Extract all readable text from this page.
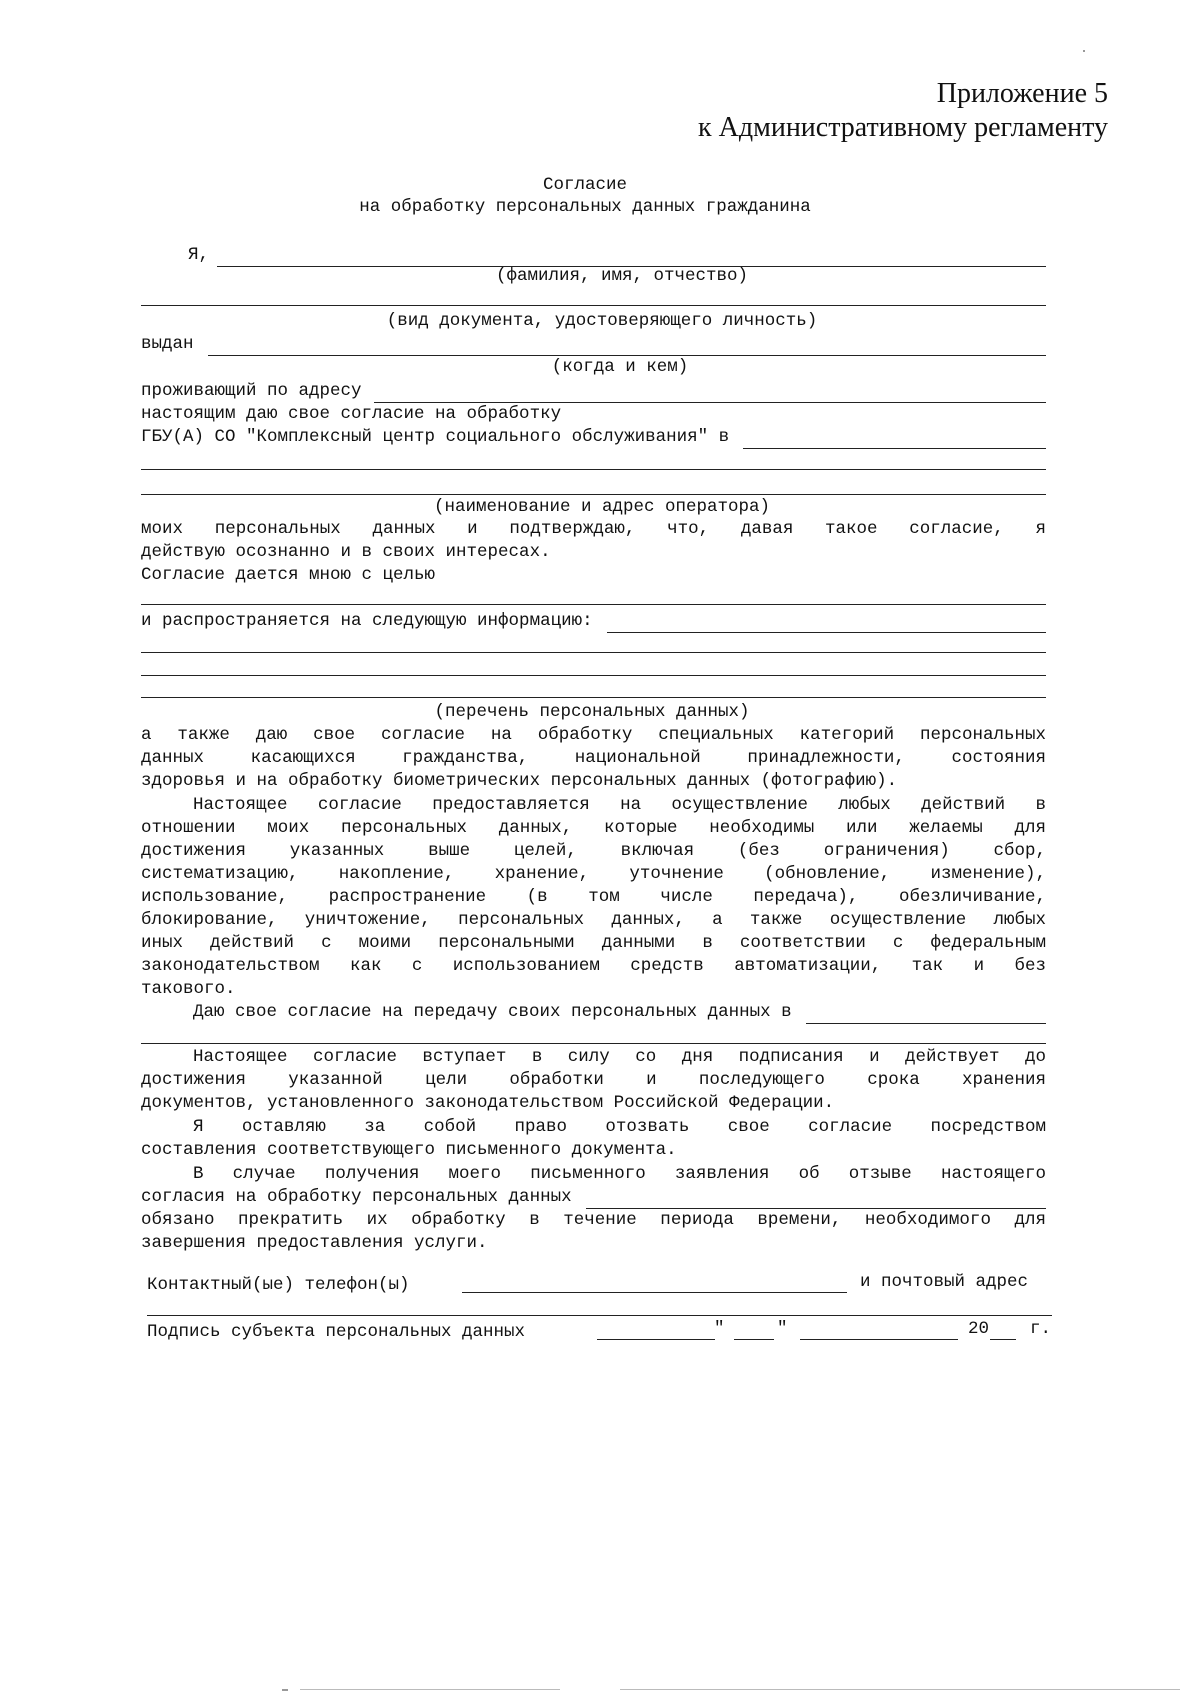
Приложение 5
к Административному регламенту
Согласие
на обработку персональных данных гражданина
Я,
(фамилия, имя, отчество)
(вид документа, удостоверяющего личность)
выдан
(когда и кем)
проживающий по адресу
настоящим даю свое согласие на обработку
ГБУ(А) СО "Комплексный центр социального обслуживания" в
(наименование и адрес оператора)
моих персональных данных и подтверждаю, что, давая такое согласие, я
действую осознанно и в своих интересах.
Согласие дается мною с целью
и распространяется на следующую информацию:
(перечень персональных данных)
а также даю свое согласие на обработку специальных категорий персональных
данных касающихся гражданства, национальной принадлежности, состояния
здоровья и на обработку биометрических персональных данных (фотографию).
Настоящее согласие предоставляется на осуществление любых действий в
отношении моих персональных данных, которые необходимы или желаемы для
достижения указанных выше целей, включая (без ограничения) сбор,
систематизацию, накопление, хранение, уточнение (обновление, изменение),
использование, распространение (в том числе передача), обезличивание,
блокирование, уничтожение, персональных данных, а также осуществление любых
иных действий с моими персональными данными в соответствии с федеральным
законодательством как с использованием средств автоматизации, так и без
такового.
Даю свое согласие на передачу своих персональных данных в
Настоящее согласие вступает в силу со дня подписания и действует до
достижения указанной цели обработки и последующего срока хранения
документов, установленного законодательством Российской Федерации.
Я оставляю за собой право отозвать свое согласие посредством
составления соответствующего письменного документа.
В случае получения моего письменного заявления об отзыве настоящего
согласия на обработку персональных данных
обязано прекратить их обработку в течение периода времени, необходимого для
завершения предоставления услуги.
Контактный(ые) телефон(ы)	и почтовый адрес
Подпись субъекта персональных данных	"	"	20 г.
